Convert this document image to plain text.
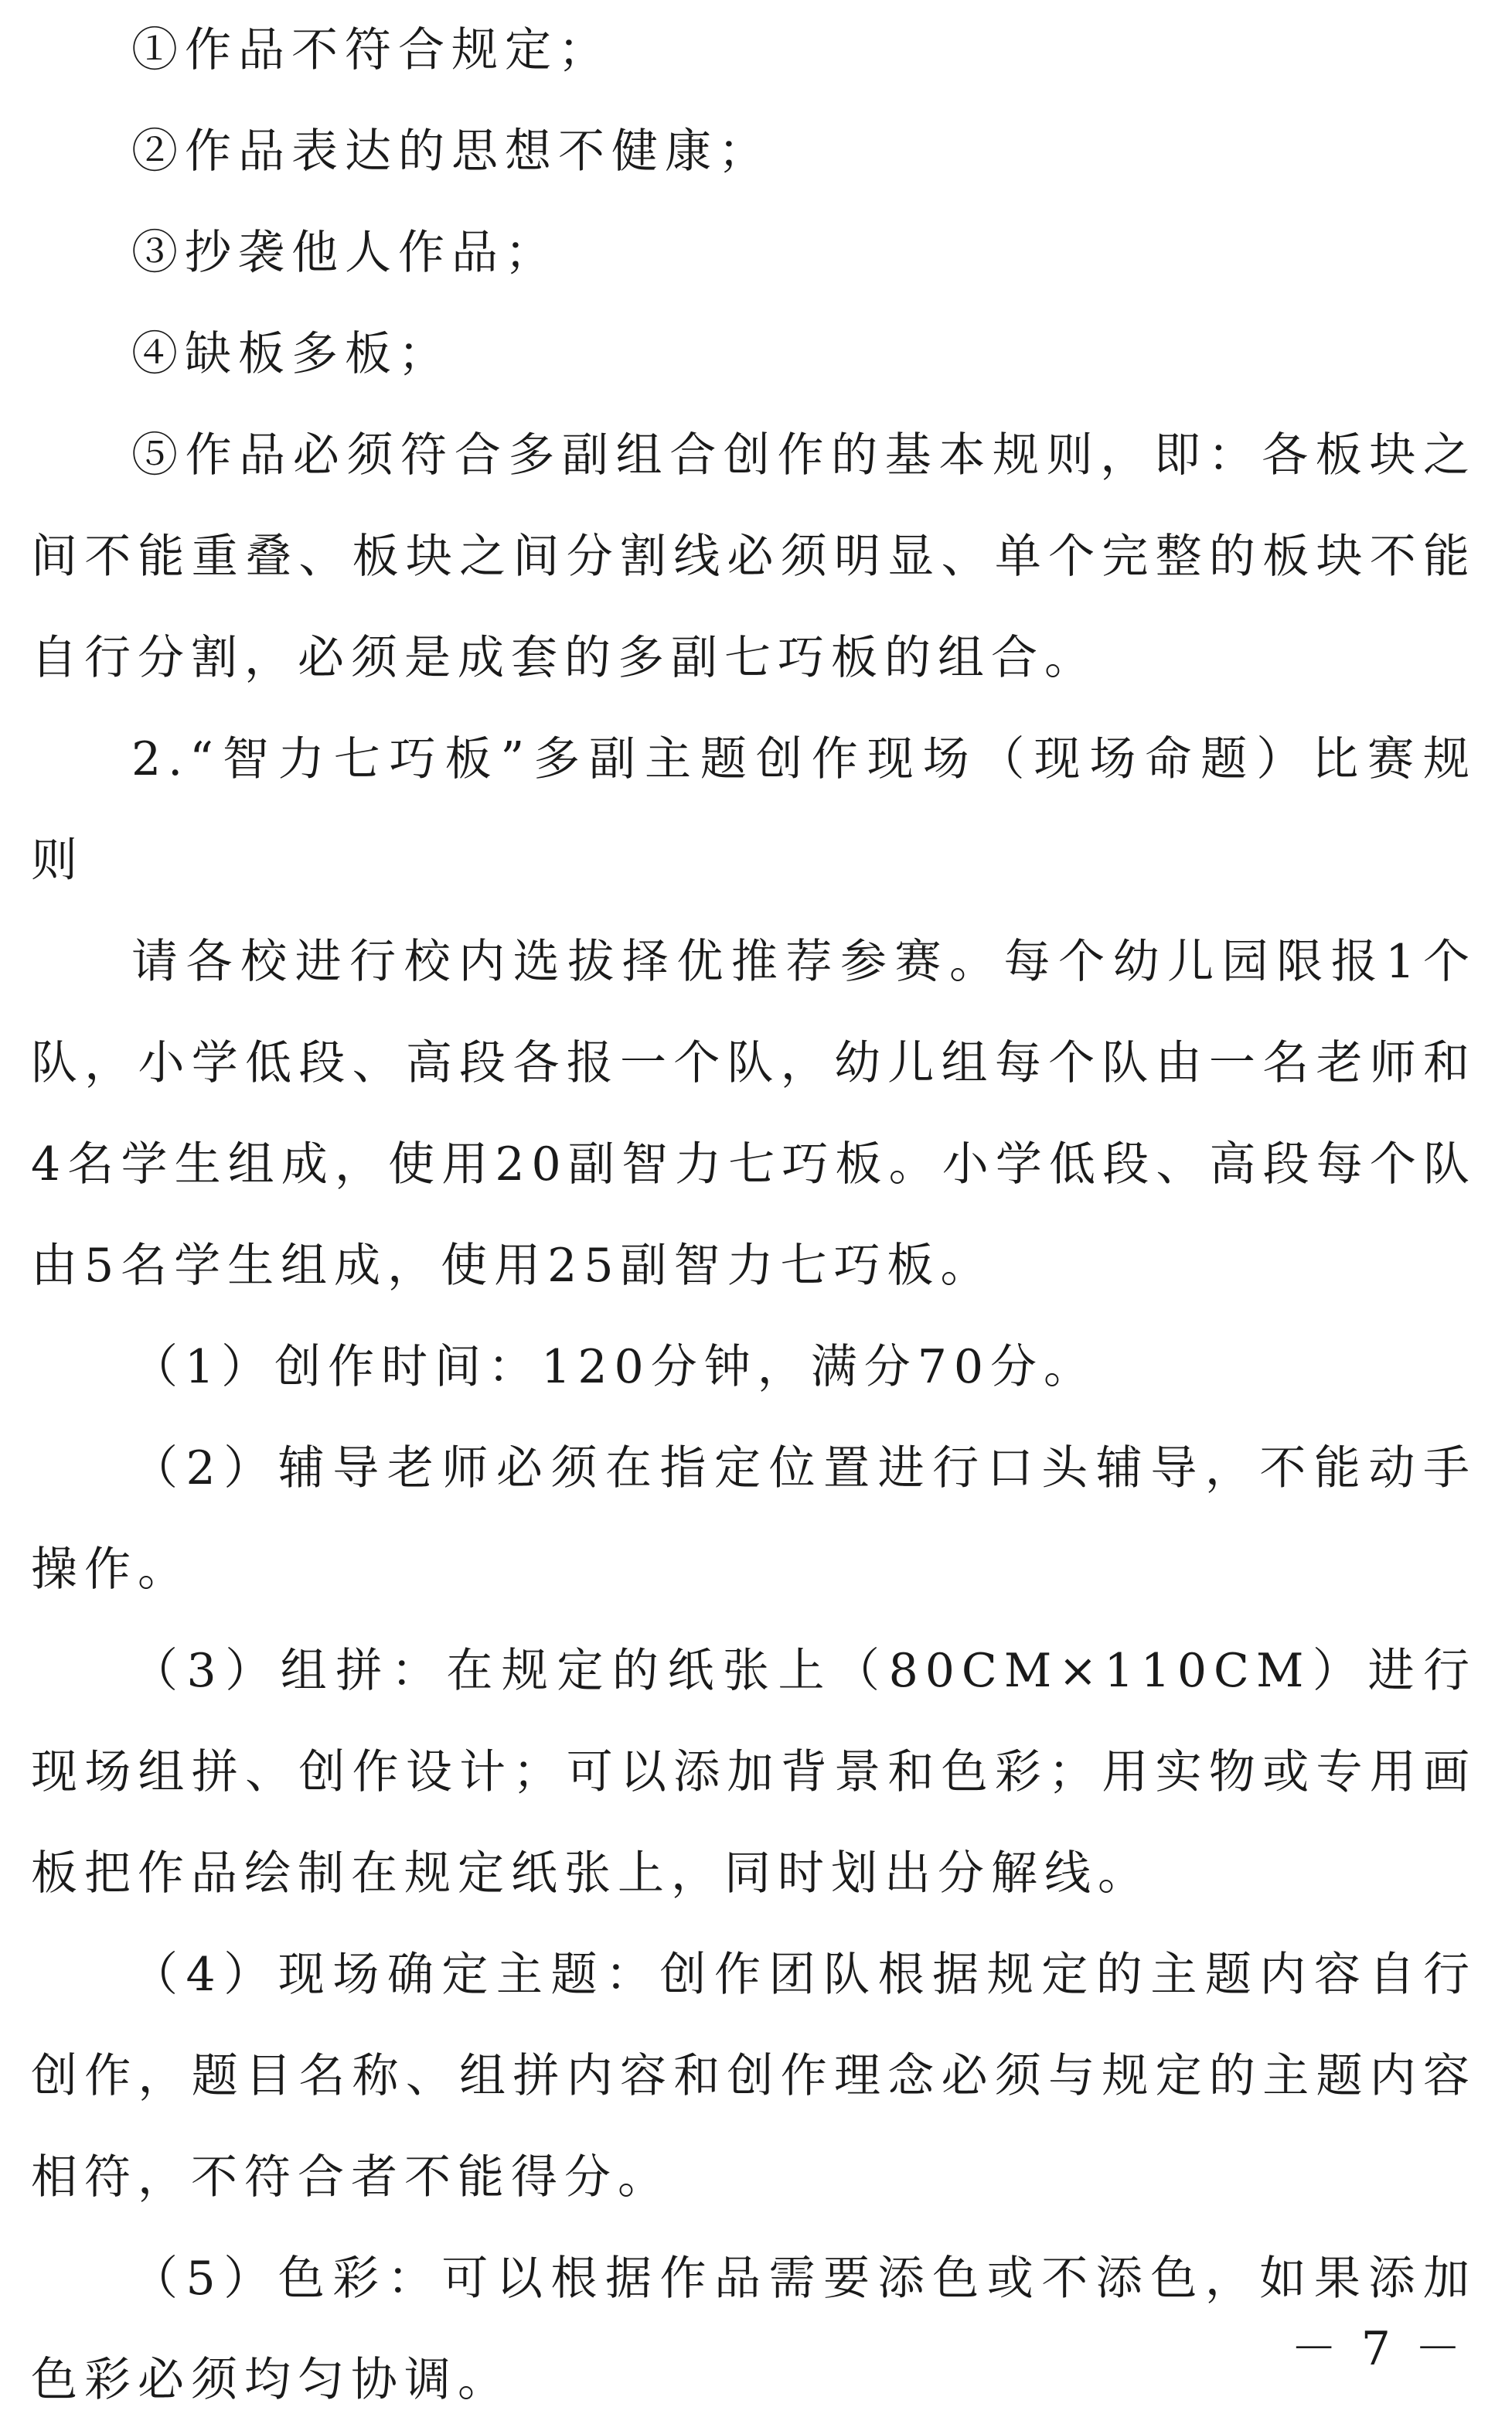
①作品不符合规定；

②作品表达的思想不健康；

③抄袭他人作品；

④缺板多板；

⑤作品必须符合多副组合创作的基本规则，即：各板块之间不能重叠、板块之间分割线必须明显、单个完整的板块不能自行分割，必须是成套的多副七巧板的组合。

2.“智力七巧板”多副主题创作现场（现场命题）比赛规则

请各校进行校内选拔择优推荐参赛。每个幼儿园限报1个队，小学低段、高段各报一个队，幼儿组每个队由一名老师和4名学生组成，使用20副智力七巧板。小学低段、高段每个队由5名学生组成，使用25副智力七巧板。

（1）创作时间：120分钟，满分70分。

（2）辅导老师必须在指定位置进行口头辅导，不能动手操作。

（3）组拼：在规定的纸张上（80CM×110CM）进行现场组拼、创作设计；可以添加背景和色彩；用实物或专用画板把作品绘制在规定纸张上，同时划出分解线。

（4）现场确定主题：创作团队根据规定的主题内容自行创作，题目名称、组拼内容和创作理念必须与规定的主题内容相符，不符合者不能得分。

（5）色彩：可以根据作品需要添色或不添色，如果添加色彩必须均匀协调。

－ 7 －
